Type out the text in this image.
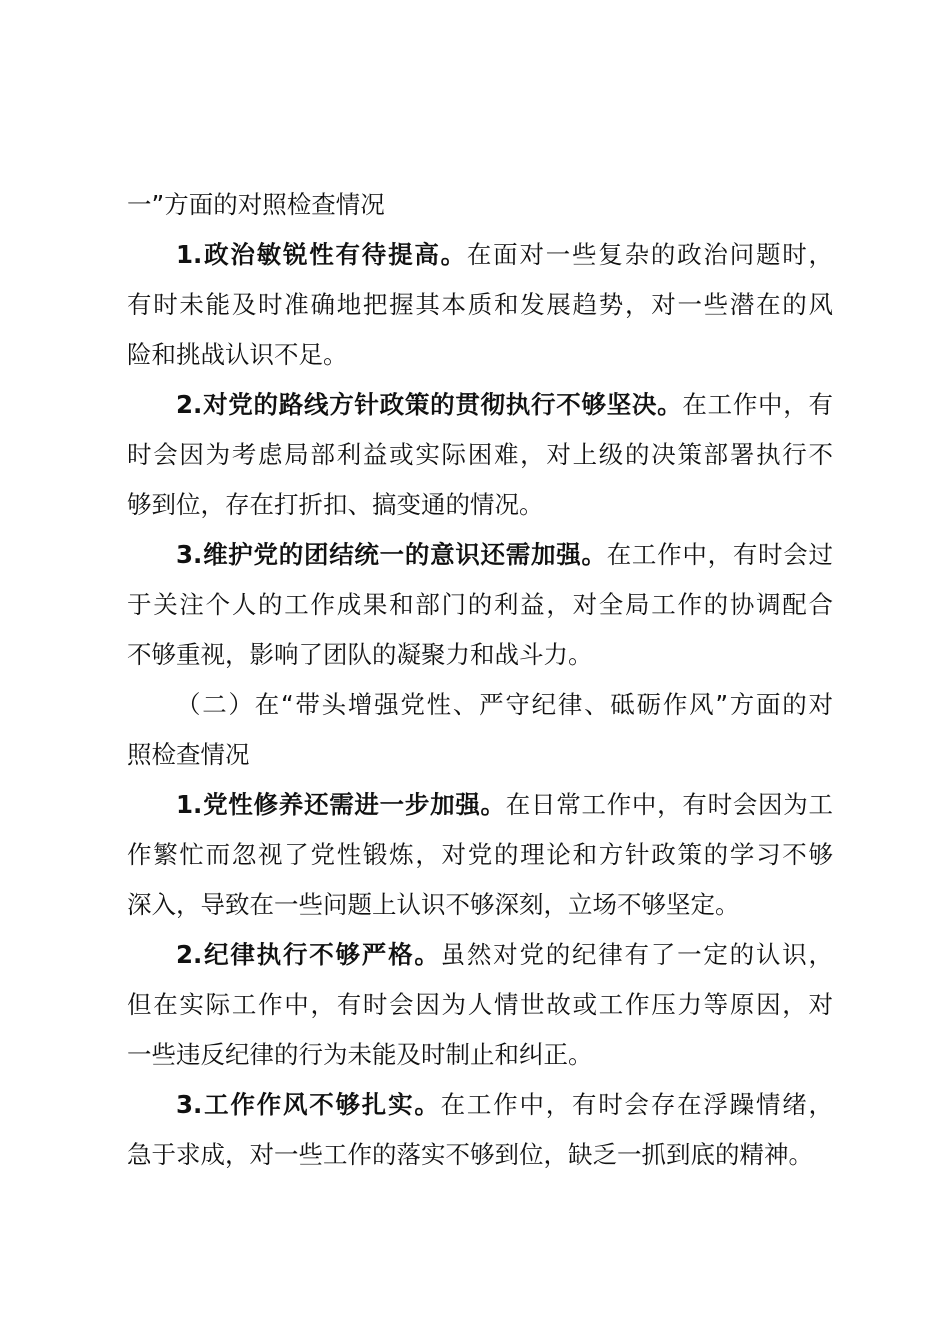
一”方面的对照检查情况
1.政治敏锐性有待提高。在面对一些复杂的政治问题时，
有时未能及时准确地把握其本质和发展趋势，对一些潜在的风
险和挑战认识不足。
2.对党的路线方针政策的贯彻执行不够坚决。在工作中，有
时会因为考虑局部利益或实际困难，对上级的决策部署执行不
够到位，存在打折扣、搞变通的情况。
3.维护党的团结统一的意识还需加强。在工作中，有时会过
于关注个人的工作成果和部门的利益，对全局工作的协调配合
不够重视，影响了团队的凝聚力和战斗力。
（二）在“带头增强党性、严守纪律、砥砺作风”方面的对
照检查情况
1.党性修养还需进一步加强。在日常工作中，有时会因为工
作繁忙而忽视了党性锻炼，对党的理论和方针政策的学习不够
深入，导致在一些问题上认识不够深刻，立场不够坚定。
2.纪律执行不够严格。虽然对党的纪律有了一定的认识，
但在实际工作中，有时会因为人情世故或工作压力等原因，对
一些违反纪律的行为未能及时制止和纠正。
3.工作作风不够扎实。在工作中，有时会存在浮躁情绪，
急于求成，对一些工作的落实不够到位，缺乏一抓到底的精神。
